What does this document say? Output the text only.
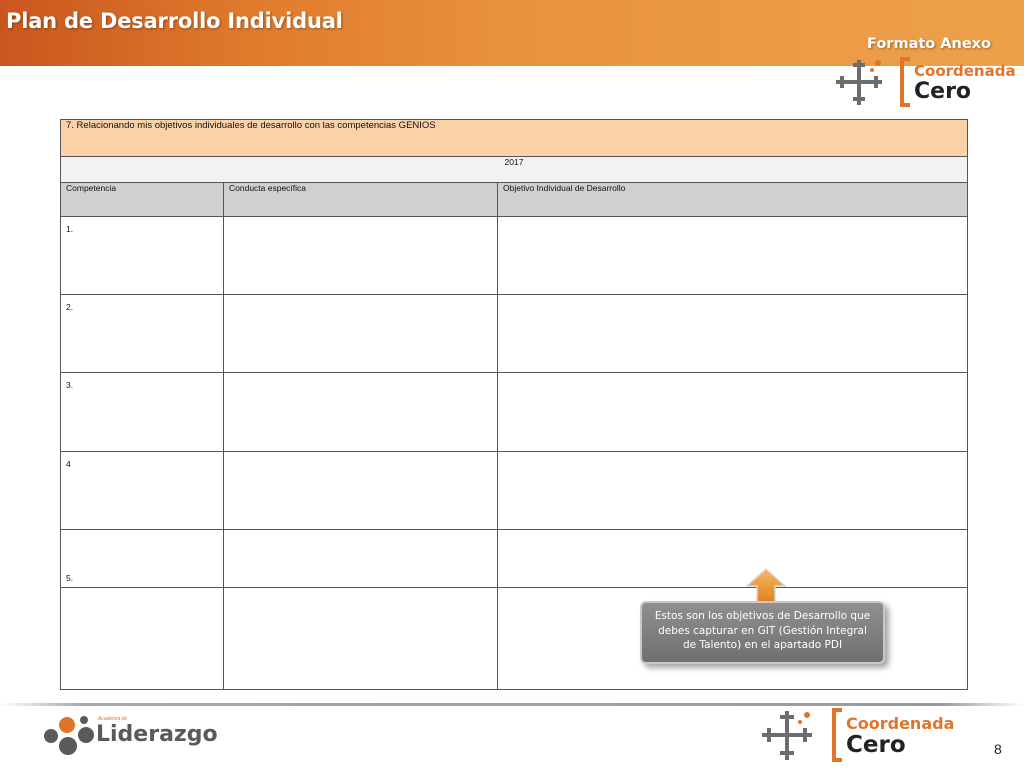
Plan de Desarrollo Individual
Formato Anexo
Coordenada
Cero
7. Relacionando mis objetivos individuales de desarrollo con las competencias GENIOS		
2017		
Competencia	Conducta específica	Objetivo Individual de Desarrollo
1.		
2.		
3.		
4		
5.		

Estos son los objetivos de Desarrollo que debes capturar en GIT (Gestión Integral de Talento) en el apartado PDI
Academia de
Liderazgo	Coordenada
Cero	8
